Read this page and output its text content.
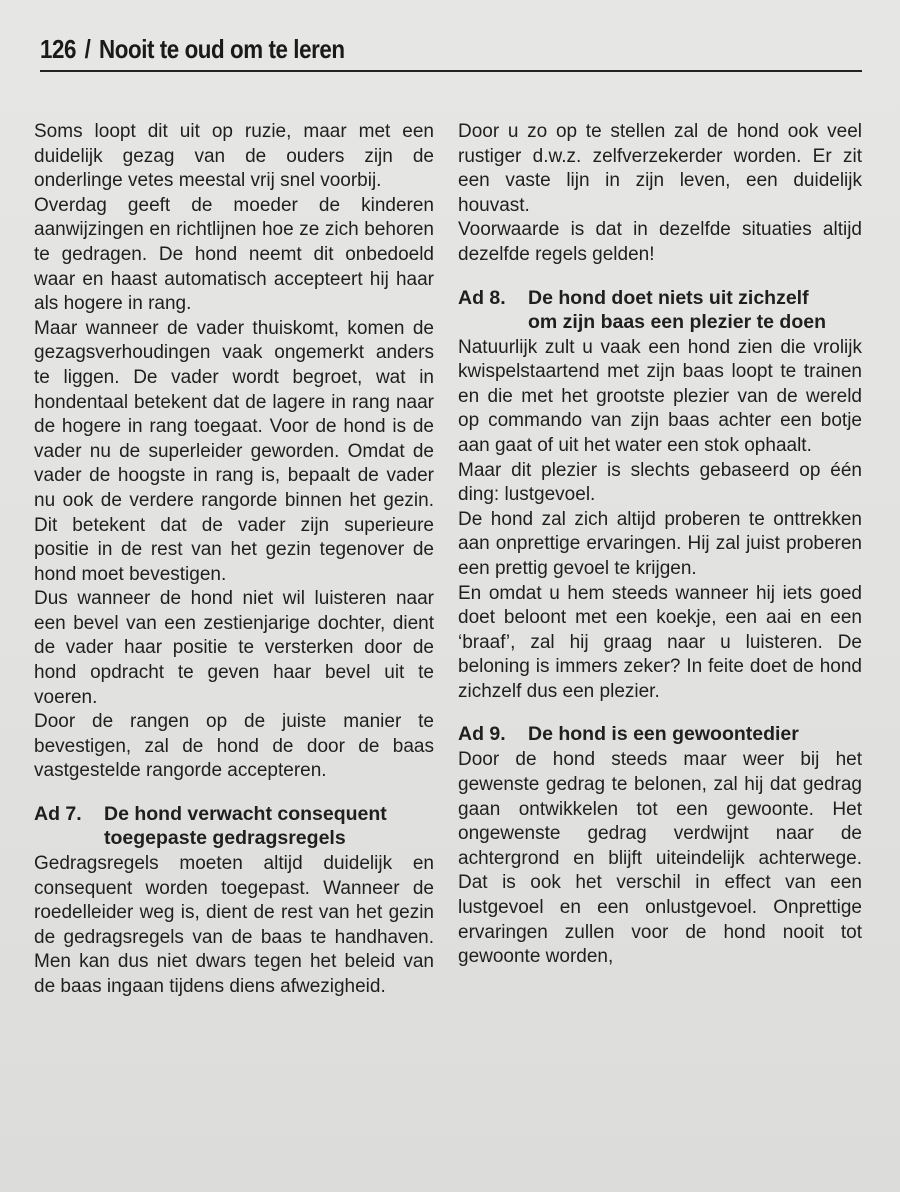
126 / Nooit te oud om te leren

Soms loopt dit uit op ruzie, maar met een duidelijk gezag van de ouders zijn de onderlinge vetes meestal vrij snel voorbij.

Overdag geeft de moeder de kinderen aanwijzingen en richtlijnen hoe ze zich behoren te gedragen. De hond neemt dit onbedoeld waar en haast automatisch accepteert hij haar als hogere in rang.

Maar wanneer de vader thuiskomt, komen de gezagsverhoudingen vaak ongemerkt anders te liggen. De vader wordt begroet, wat in hondentaal betekent dat de lagere in rang naar de hogere in rang toegaat. Voor de hond is de vader nu de superleider geworden. Omdat de vader de hoogste in rang is, bepaalt de vader nu ook de verdere rangorde binnen het gezin. Dit betekent dat de vader zijn superieure positie in de rest van het gezin tegenover de hond moet bevestigen.

Dus wanneer de hond niet wil luisteren naar een bevel van een zestienjarige dochter, dient de vader haar positie te versterken door de hond opdracht te geven haar bevel uit te voeren.

Door de rangen op de juiste manier te bevestigen, zal de hond de door de baas vastgestelde rangorde accepteren.

Ad 7.	De hond verwacht consequent
toegepaste gedragsregels

Gedragsregels moeten altijd duidelijk en consequent worden toegepast. Wanneer de roedelleider weg is, dient de rest van het gezin de gedragsregels van de baas te handhaven. Men kan dus niet dwars tegen het beleid van de baas ingaan tijdens diens afwezigheid.

Door u zo op te stellen zal de hond ook veel rustiger d.w.z. zelfverzekerder worden. Er zit een vaste lijn in zijn leven, een duidelijk houvast.

Voorwaarde is dat in dezelfde situaties altijd dezelfde regels gelden!

Ad 8.	De hond doet niets uit zichzelf
om zijn baas een plezier te doen

Natuurlijk zult u vaak een hond zien die vrolijk kwispelstaartend met zijn baas loopt te trainen en die met het grootste plezier van de wereld op commando van zijn baas achter een botje aan gaat of uit het water een stok ophaalt.

Maar dit plezier is slechts gebaseerd op één ding: lustgevoel.

De hond zal zich altijd proberen te onttrekken aan onprettige ervaringen. Hij zal juist proberen een prettig gevoel te krijgen.

En omdat u hem steeds wanneer hij iets goed doet beloont met een koekje, een aai en een ‘braaf’, zal hij graag naar u luisteren. De beloning is immers zeker? In feite doet de hond zichzelf dus een plezier.

Ad 9.	De hond is een gewoontedier

Door de hond steeds maar weer bij het gewenste gedrag te belonen, zal hij dat gedrag gaan ontwikkelen tot een gewoonte. Het ongewenste gedrag verdwijnt naar de achtergrond en blijft uiteindelijk achterwege. Dat is ook het verschil in effect van een lustgevoel en een onlustgevoel. Onprettige ervaringen zullen voor de hond nooit tot gewoonte worden,
